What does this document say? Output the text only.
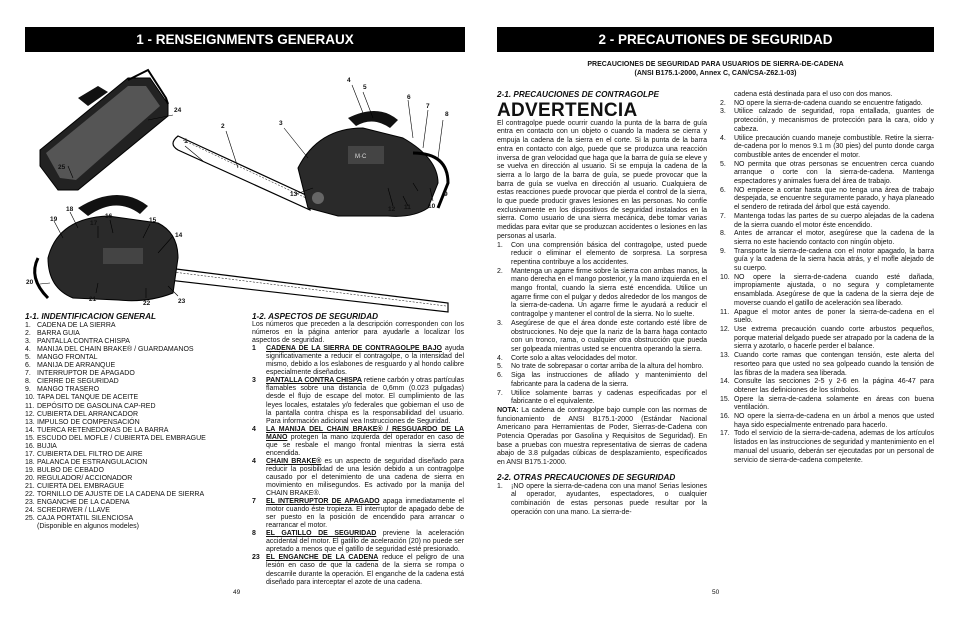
1 - RENSEIGNMENTS GENERAUX
M·C
1
2	3
4
5
6
7
8
9
10
11
12
13
14
15
16
17
18
19
20
21
22	23
24
25
1-1. INDENTIFICACION GENERAL
1. CADENA DE LA SIERRA
2. BARRA GUIA
3. PANTALLA CONTRA CHISPA
4. MANIJA DEL CHAIN BRAKE® / GUARDAMANOS
5. MANGO FRONTAL
6. MANIJA DE ARRANQUE
7. INTERRUPTOR DE APAGADO
8. CIERRE DE SEGURIDAD
9. MANGO TRASERO
10. TAPA DEL TANQUE DE ACEITE
11. DEPÓSITO DE GASOLINA CAP-RED
12. CUBIERTA DEL ARRANCADOR
13. IMPULSO DE COMPENSACIÓN
14. TUERCA RETENEDORAS DE LA BARRA
15. ESCUDO DEL MOFLE / CUBIERTA DEL EMBRAGUE
16. BUJIA
17. CUBIERTA DEL FILTRO DE AIRE
18. PALANCA DE ESTRANGULACION
19. BULBO DE CEBADO
20. REGULADOR/ ACCIONADOR
21. CUIERTA DEL EMBRAGUE
22. TORNILLO DE AJUSTE DE LA CADENA DE SIERRA
23. ENGANCHE DE LA CADENA
24. SCREDRWER / LLAVE
25. CAJA PORTATIL SILENCIOSA
(Disponible en algunos modeles)
1-2. ASPECTOS DE SEGURIDAD
Los números que preceden a la descripción corresponden con los números en la página anterior para ayudarle a localizar los aspectos de seguridad.
1	CADENA DE LA SIERRA DE CONTRAGOLPE BAJO ayuda significativamente a reducir el contragolpe, o la intensidad del mismo, debido a los eslabones de resguardo y al hondo calibre especialmente diseñados.
3	PANTALLA CONTRA CHISPA retiene carbón y otras partículas flamables sobre una distancia de 0,6mm (0.023 pulgadas) desde el flujo de escape del motor. El cumplimiento de las leyes locales, estatales y/o federales que gobiernan el uso de la pantalla contra chispa es la responsabilidad del usuario. Para información adicional vea Instrucciones de Seguridad.
4	LA MANIJA DEL CHAIN BRAKE® / RESGUARDO DE LA MANO protegen la mano izquierda del operador en caso de que se resbale el mango frontal mientras la sierra está encendida.
4	CHAIN BRAKE® es un aspecto de seguridad diseñado para reducir la posibilidad de una lesión debido a un contragolpe causado por el detenimiento de una cadena de sierra en movimiento en milisegundos. Es activado por la manija del CHAIN BRAKE®.
7	EL INTERRUPTOR DE APAGADO apaga inmediatamente el motor cuando éste tropieza. El interruptor de apagado debe de ser puesto en la posición de encendido para arrancar o rearrancar el motor.
8	EL GATILLO DE SEGURIDAD previene la aceleración accidental del motor. El gatillo de aceleración (20) no puede ser apretado a menos que el gatillo de seguridad esté presionado.
23 EL ENGANCHE DE LA CADENA reduce el peligro de una lesión en caso de que la cadena de la sierra se rompa o descarrile durante la operación. El enganche de la cadena está diseñado para interceptar el azote de una cadena.
49
2 - PRECAUTIONES DE SEGURIDAD
PRECAUCIONES DE SEGURIDAD PARA USUARIOS DE SIERRA-DE-CADENA
(ANSI B175.1-2000, Annex C, CAN/CSA-Z62.1-03)
2-1. PRECAUCIONES DE CONTRAGOLPE
ADVERTENCIA
El contragolpe puede ocurrir cuando la punta de la barra de guía entra en contacto con un objeto o cuando la madera se cierra y empuja la cadena de la sierra en el corte. Si la punta de la barra entra en contacto con algo, puede que se produzca una reacción inversa de gran velocidad que haga que la barra de guía se eleve y se vuelva en dirección al usuario. Si se empuja la cadena de la sierra a lo largo de la barra de guía, se puede provocar que la barra de guía se vuelva en dirección al usuario. Cualquiera de estas reacciones puede provocar que pierda el control de la sierra, lo que puede producir graves lesiones en las personas. No confíe exclusivamente en los dispositivos de seguridad instalados en la sierra. Como usuario de una sierra mecánica, debe tomar varias medidas para evitar que se produzcan accidentes o lesiones en las personas al usarla.
1.	Con una comprensión básica del contragolpe, usted puede reducir o eliminar el elemento de sorpresa. La sorpresa repentina contribuye a los accidentes.
2.	Mantenga un agarre firme sobre la sierra con ambas manos, la mano derecha en el mango posterior, y la mano izquierda en el mango frontal, cuando la sierra esté encendida. Utilice un agarre firme con el pulgar y dedos alrededor de los mangos de la sierra-de-cadena. Un agarre firme le ayudará a reducir el contragolpe y mantener el control de la sierra. No lo suelte.
3.	Asegúrese de que el área donde este cortando esté libre de obstrucciones. No deje que la nariz de la barra haga contacto con un tronco, rama, o cualquier otra obstrucción que pueda ser golpeada mientras usted se encuentra operando la sierra.
4.	Corte solo a altas velocidades del motor.
5.	No trate de sobrepasar o cortar arriba de la altura del hombro.
6.	Siga las instrucciones de afilado y mantenimiento del fabricante para la cadena de la sierra.
7.	Utilice solamente barras y cadenas especificadas por el fabricante o el equivalente.
NOTA: La cadena de contragolpe bajo cumple con las normas de funcionamiento de ANSI B175.1-2000 (Estándar Nacional Americano para Herramientas de Poder, Sierras-de-Cadena con Potencia Operadas por Gasolina y Requisitos de Seguridad). En base a pruebas con muestra representativa de sierras de cadena abajo de 3.8 pulgadas cúbicas de desplazamiento, especificados en ANSI B175.1-2000.
2-2. OTRAS PRECAUCIONES DE SEGURIDAD
1.	¡NO opere la sierra-de-cadena con una mano! Serias lesiones al operador, ayudantes, espectadores, o cualquier combinación de estas personas puede resultar por la operación con una mano. La sierra-de-
cadena está destinada para el uso con dos manos.
2.	NO opere la sierra-de-cadena cuando se encuentre fatigado.
3.	Utilice calzado de seguridad, ropa entallada, guantes de protección, y mecanismos de protección para la cara, oído y cabeza.
4.	Utilice precaución cuando maneje combustible. Retire la sierra-de-cadena por lo menos 9.1 m (30 pies) del punto donde carga combustible antes de encender el motor.
5.	NO permita que otras personas se encuentren cerca cuando arranque o corte con la sierra-de-cadena. Mantenga espectadores y animales fuera del área de trabajo.
6.	NO empiece a cortar hasta que no tenga una área de trabajo despejada, se encuentre seguramente parado, y haya planeado el sendero de retirada del árbol que está cayendo.
7.	Mantenga todas las partes de su cuerpo alejadas de la cadena de la sierra cuando el motor éste encendido.
8.	Antes de arrancar el motor, asegúrese que la cadena de la sierra no este haciendo contacto con ningún objeto.
9.	Transporte la sierra-de-cadena con el motor apagado, la barra guía y la cadena de la sierra hacia atrás, y el mofle alejado de su cuerpo.
10. NO opere la sierra-de-cadena cuando esté dañada, impropiamente ajustada, o no segura y completamente ensamblada. Asegúrese de que la cadena de la sierra deje de moverse cuando el gatillo de aceleración sea liberado.
11. Apague el motor antes de poner la sierra-de-cadena en el suelo.
12. Use extrema precaución cuando corte arbustos pequeños, porque material delgado puede ser atrapado por la cadena de la sierra y azotarlo, o hacerle perder el balance.
13. Cuando corte ramas que contengan tensión, este alerta del resorteo para que usted no sea golpeado cuando la tensión de las fibras de la madera sea liberada.
14. Consulte las secciones 2-5 y 2-6 en la página 46-47 para obtener las definiciones de los símbolos.
15. Opere la sierra-de-cadena solamente en áreas con buena ventilación.
16. NO opere la sierra-de-cadena en un árbol a menos que usted haya sido especialmente entrenado para hacerlo.
17. Todo el servicio de la sierra-de-cadena, ademas de los artículos listados en las instrucciones de seguridad y mantenimiento en el manual del usuario, deberán ser ejecutadas por un personal de servicio de sierra-de-cadena competente.
50
